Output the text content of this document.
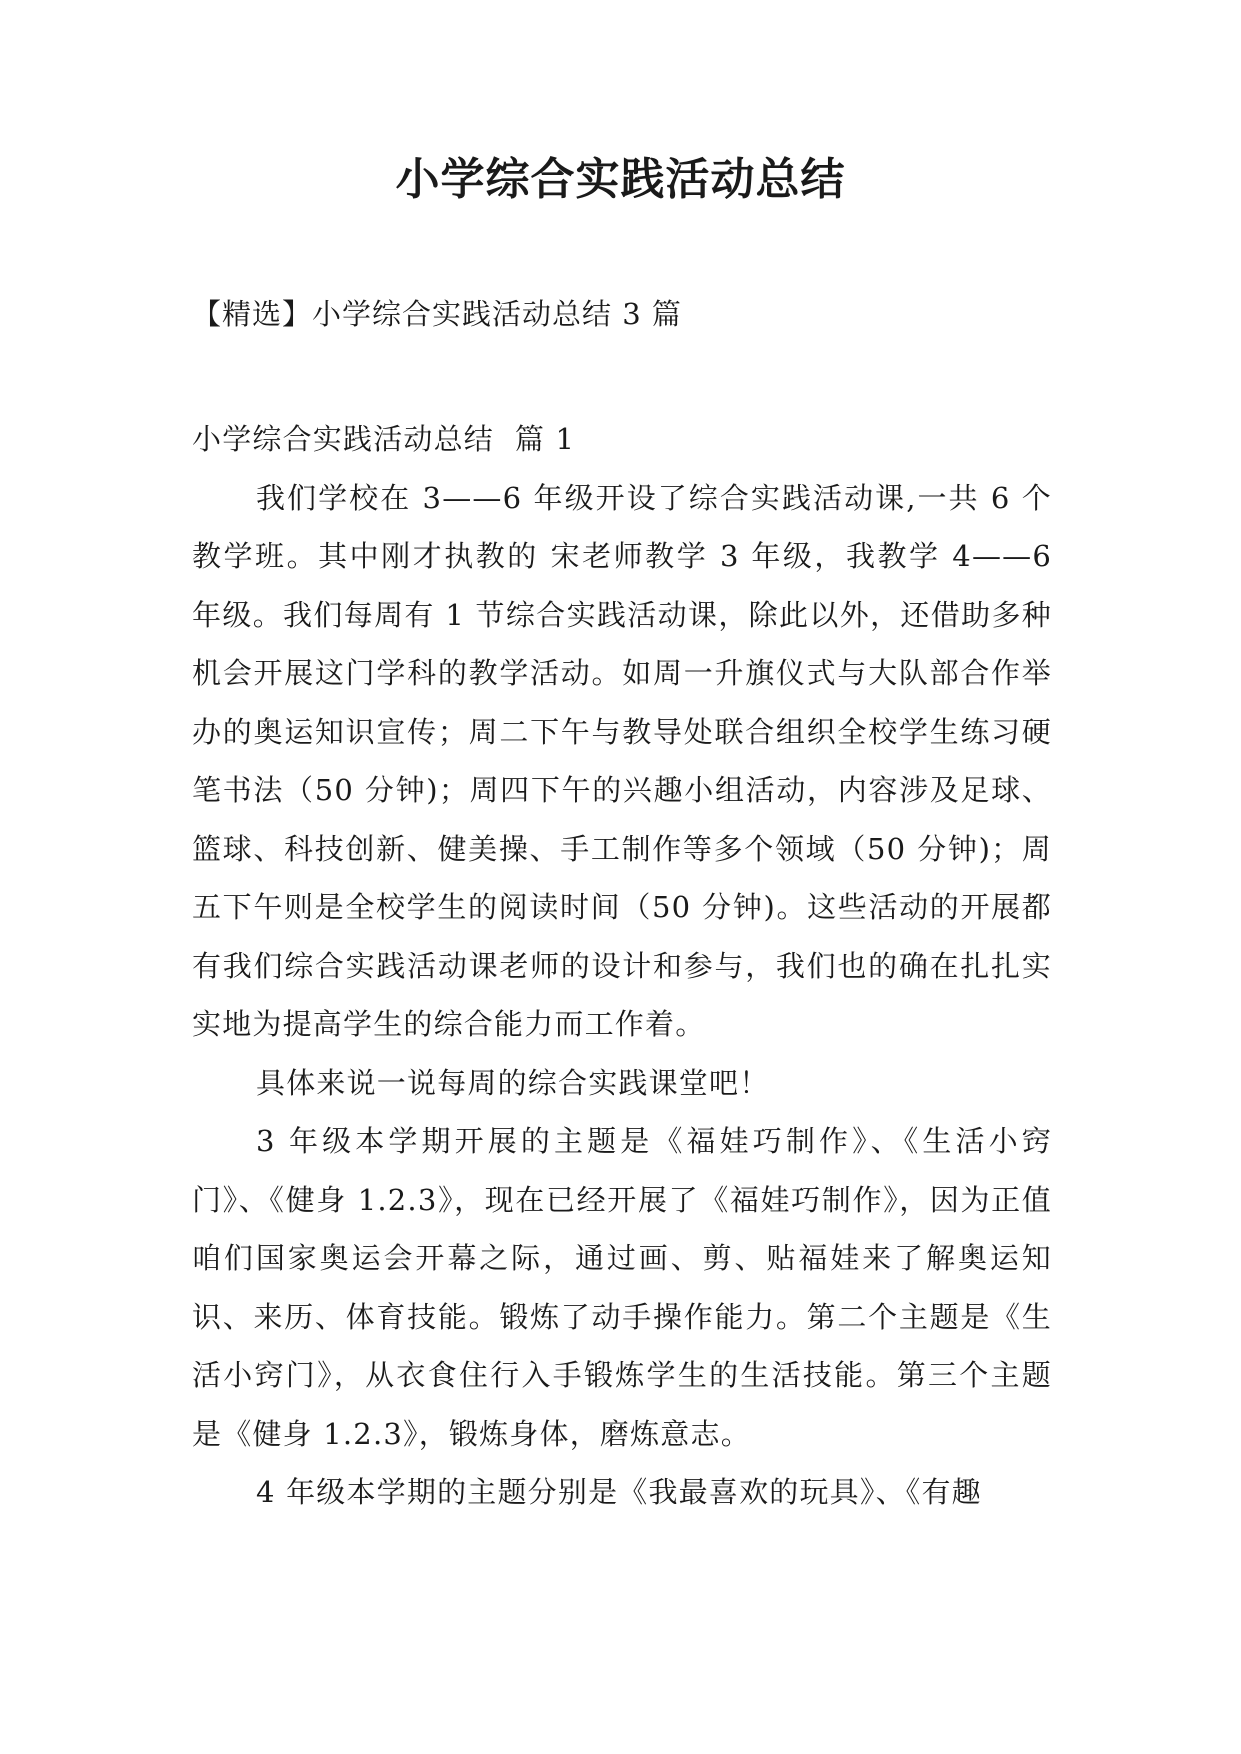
小学综合实践活动总结

【精选】小学综合实践活动总结 3 篇

小学综合实践活动总结  篇 1

我们学校在 3——6 年级开设了综合实践活动课,一共 6 个教学班。其中刚才执教的 宋老师教学 3 年级，我教学 4——6 年级。我们每周有 1 节综合实践活动课，除此以外，还借助多种机会开展这门学科的教学活动。如周一升旗仪式与大队部合作举办的奥运知识宣传；周二下午与教导处联合组织全校学生练习硬笔书法（50 分钟)；周四下午的兴趣小组活动，内容涉及足球、篮球、科技创新、健美操、手工制作等多个领域（50 分钟)；周五下午则是全校学生的阅读时间（50 分钟)。这些活动的开展都有我们综合实践活动课老师的设计和参与，我们也的确在扎扎实实地为提高学生的综合能力而工作着。

具体来说一说每周的综合实践课堂吧！

3 年级本学期开展的主题是《福娃巧制作》、《生活小窍门》、《健身 1.2.3》，现在已经开展了《福娃巧制作》，因为正值咱们国家奥运会开幕之际，通过画、剪、贴福娃来了解奥运知识、来历、体育技能。锻炼了动手操作能力。第二个主题是《生活小窍门》，从衣食住行入手锻炼学生的生活技能。第三个主题是《健身 1.2.3》，锻炼身体，磨炼意志。

4 年级本学期的主题分别是《我最喜欢的玩具》、《有趣
